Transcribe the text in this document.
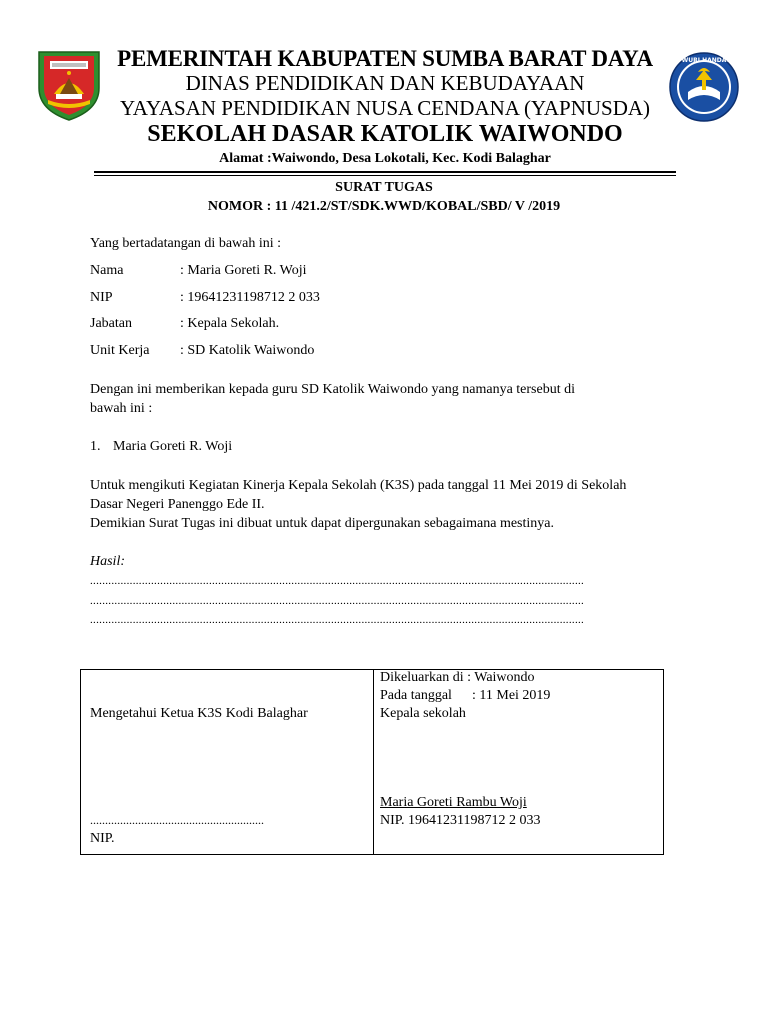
TUT WURI HANDAYANI
PEMERINTAH KABUPATEN SUMBA BARAT DAYA
DINAS PENDIDIKAN DAN KEBUDAYAAN
YAYASAN PENDIDIKAN NUSA CENDANA (YAPNUSDA)
SEKOLAH DASAR KATOLIK WAIWONDO
Alamat :Waiwondo, Desa Lokotali, Kec. Kodi Balaghar
SURAT TUGAS
NOMOR : 11 /421.2/ST/SDK.WWD/KOBAL/SBD/ V /2019
Yang bertadatangan di bawah ini :
Nama	: Maria Goreti R. Woji
NIP	: 19641231198712 2 033
Jabatan	: Kepala Sekolah.
Unit Kerja : SD Katolik Waiwondo
Dengan ini memberikan kepada guru SD Katolik Waiwondo yang namanya tersebut di
bawah ini :
1. Maria Goreti R. Woji
Untuk mengikuti Kegiatan Kinerja Kepala Sekolah (K3S) pada tanggal 11 Mei 2019 di Sekolah
Dasar Negeri Panenggo Ede II.
Demikian Surat Tugas ini dibuat untuk dapat dipergunakan sebagaimana mestinya.
Hasil:
..................................................................................................................................................................
..................................................................................................................................................................
..................................................................................................................................................................
Mengetahui Ketua K3S Kodi Balaghar
..........................................................
NIP.
Dikeluarkan di : Waiwondo
Pada tanggal : 11 Mei 2019
Kepala sekolah
Maria Goreti Rambu Woji
NIP. 19641231198712 2 033
